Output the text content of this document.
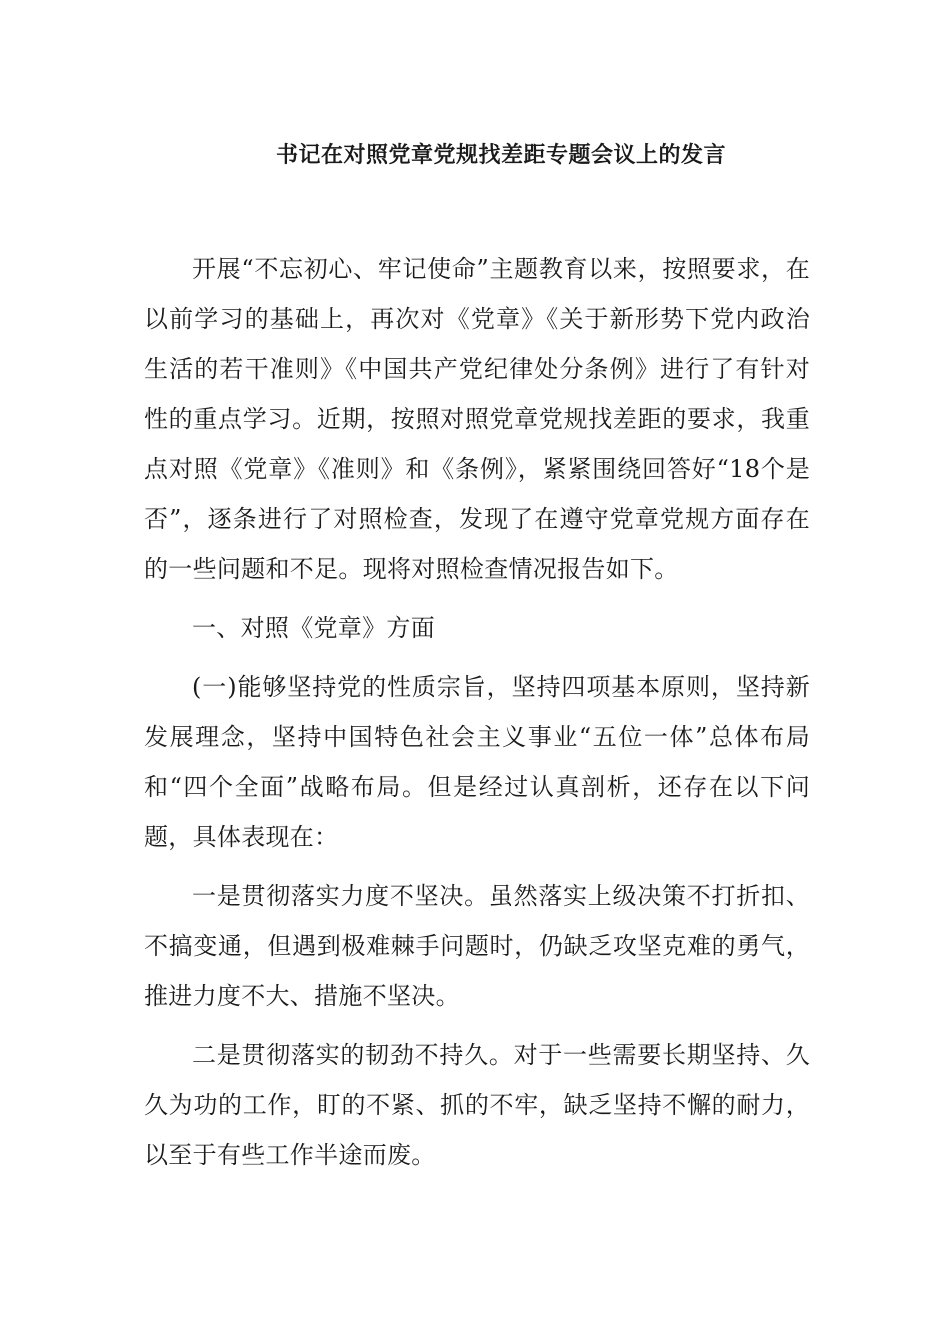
书记在对照党章党规找差距专题会议上的发言

开展“不忘初心、牢记使命”主题教育以来，按照要求，在以前学习的基础上，再次对《党章》《关于新形势下党内政治生活的若干准则》《中国共产党纪律处分条例》进行了有针对性的重点学习。近期，按照对照党章党规找差距的要求，我重点对照《党章》《准则》和《条例》，紧紧围绕回答好“18个是否”，逐条进行了对照检查，发现了在遵守党章党规方面存在的一些问题和不足。现将对照检查情况报告如下。

一、对照《党章》方面

(一)能够坚持党的性质宗旨，坚持四项基本原则，坚持新发展理念，坚持中国特色社会主义事业“五位一体”总体布局和“四个全面”战略布局。但是经过认真剖析，还存在以下问题，具体表现在：

一是贯彻落实力度不坚决。虽然落实上级决策不打折扣、不搞变通，但遇到极难棘手问题时，仍缺乏攻坚克难的勇气，推进力度不大、措施不坚决。

二是贯彻落实的韧劲不持久。对于一些需要长期坚持、久久为功的工作，盯的不紧、抓的不牢，缺乏坚持不懈的耐力，以至于有些工作半途而废。
